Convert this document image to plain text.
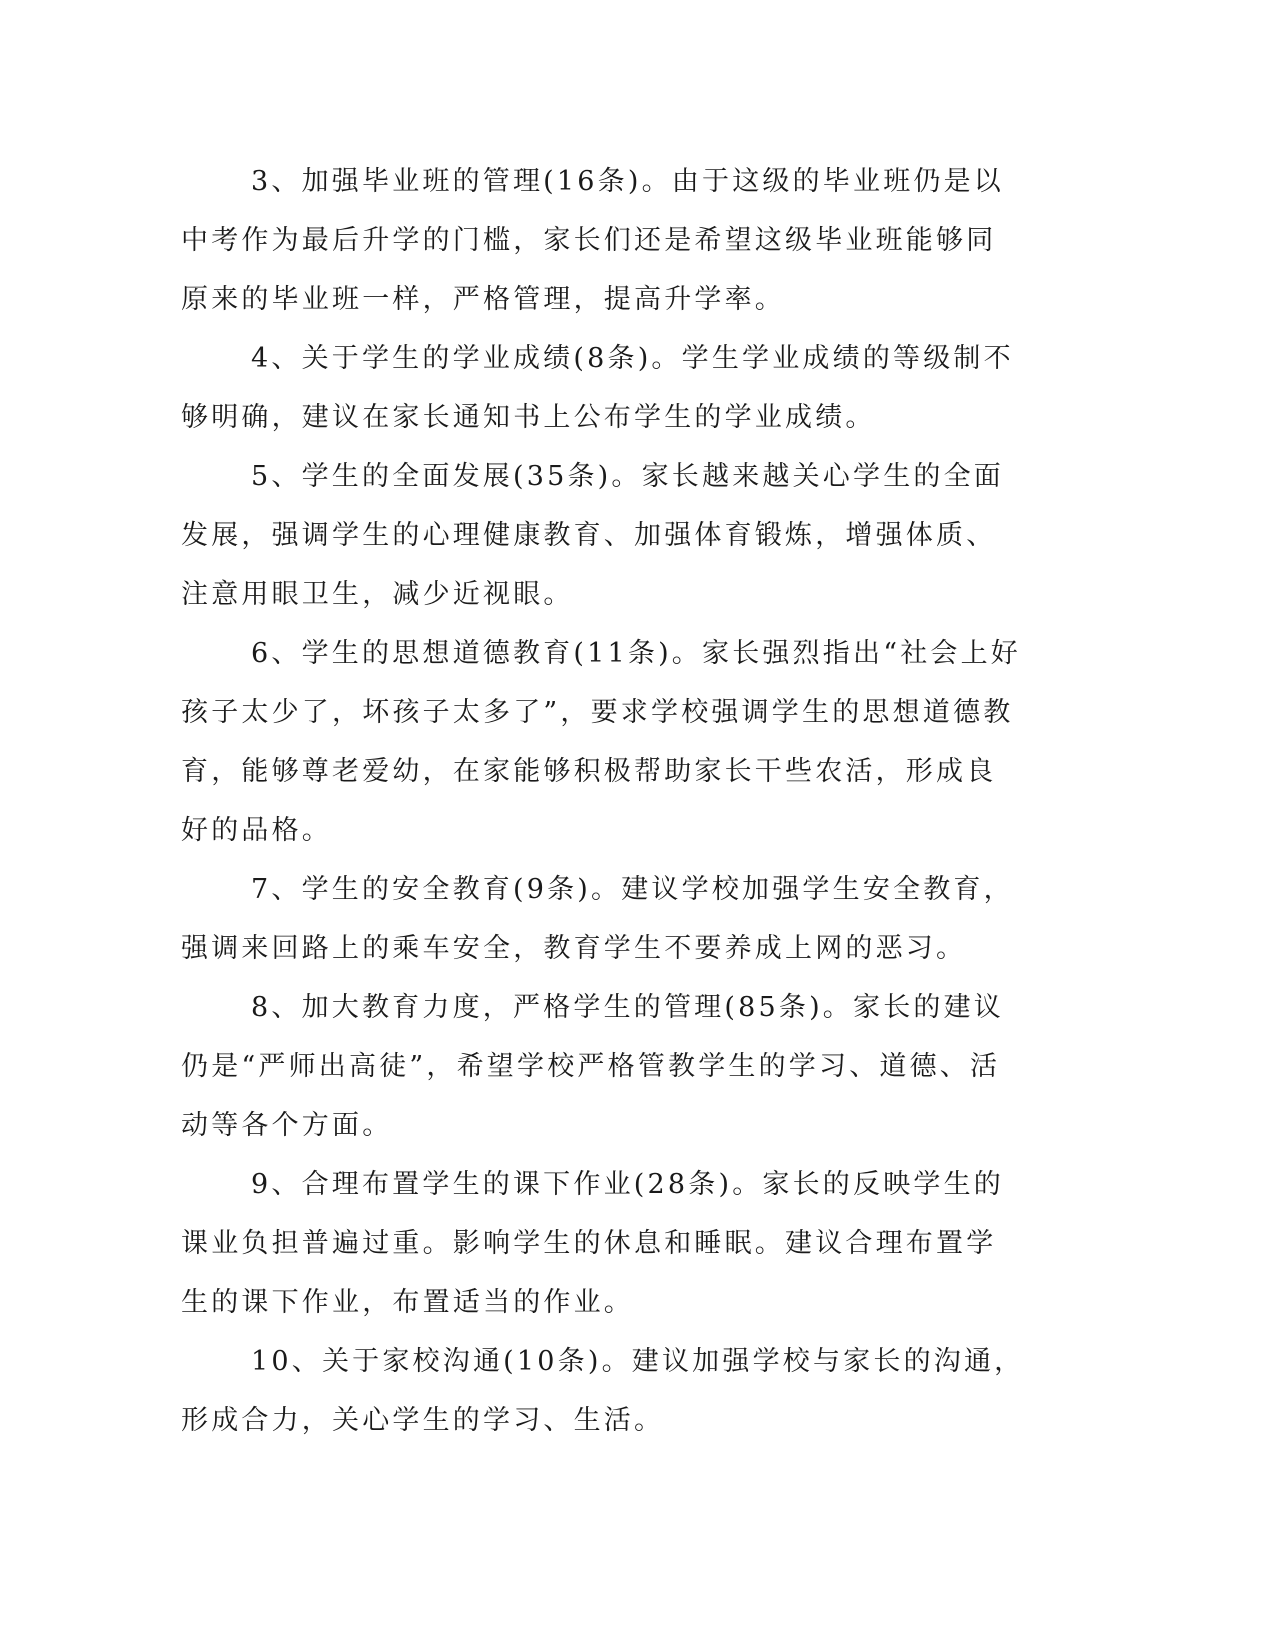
3、加强毕业班的管理(16条)。由于这级的毕业班仍是以中考作为最后升学的门槛，家长们还是希望这级毕业班能够同原来的毕业班一样，严格管理，提高升学率。

4、关于学生的学业成绩(8条)。学生学业成绩的等级制不够明确，建议在家长通知书上公布学生的学业成绩。

5、学生的全面发展(35条)。家长越来越关心学生的全面发展，强调学生的心理健康教育、加强体育锻炼，增强体质、注意用眼卫生，减少近视眼。

6、学生的思想道德教育(11条)。家长强烈指出“社会上好孩子太少了，坏孩子太多了”，要求学校强调学生的思想道德教育，能够尊老爱幼，在家能够积极帮助家长干些农活，形成良好的品格。

7、学生的安全教育(9条)。建议学校加强学生安全教育，强调来回路上的乘车安全，教育学生不要养成上网的恶习。

8、加大教育力度，严格学生的管理(85条)。家长的建议仍是“严师出高徒”，希望学校严格管教学生的学习、道德、活动等各个方面。

9、合理布置学生的课下作业(28条)。家长的反映学生的课业负担普遍过重。影响学生的休息和睡眠。建议合理布置学生的课下作业，布置适当的作业。

10、关于家校沟通(10条)。建议加强学校与家长的沟通，形成合力，关心学生的学习、生活。
